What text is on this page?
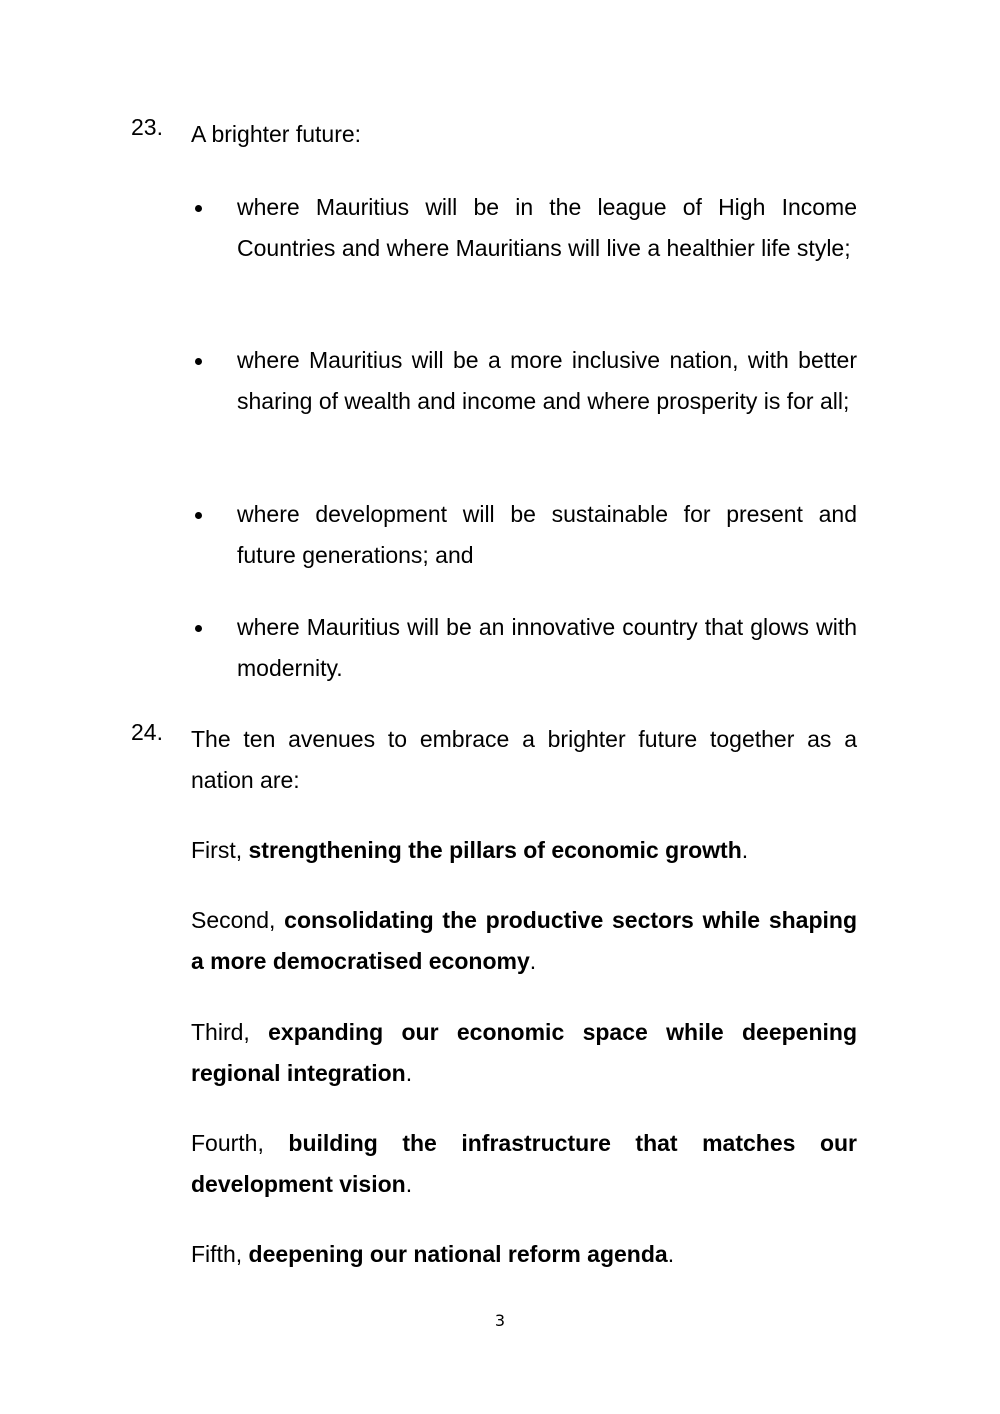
23. A brighter future:
where Mauritius will be in the league of High Income Countries and where Mauritians will live a healthier life style;
where Mauritius will be a more inclusive nation, with better sharing of wealth and income and where prosperity is for all;
where development will be sustainable for present and future generations; and
where Mauritius will be an innovative country that glows with modernity.
24. The ten avenues to embrace a brighter future together as a nation are:
First, strengthening the pillars of economic growth.
Second, consolidating the productive sectors while shaping a more democratised economy.
Third, expanding our economic space while deepening regional integration.
Fourth, building the infrastructure that matches our development vision.
Fifth, deepening our national reform agenda.
3
